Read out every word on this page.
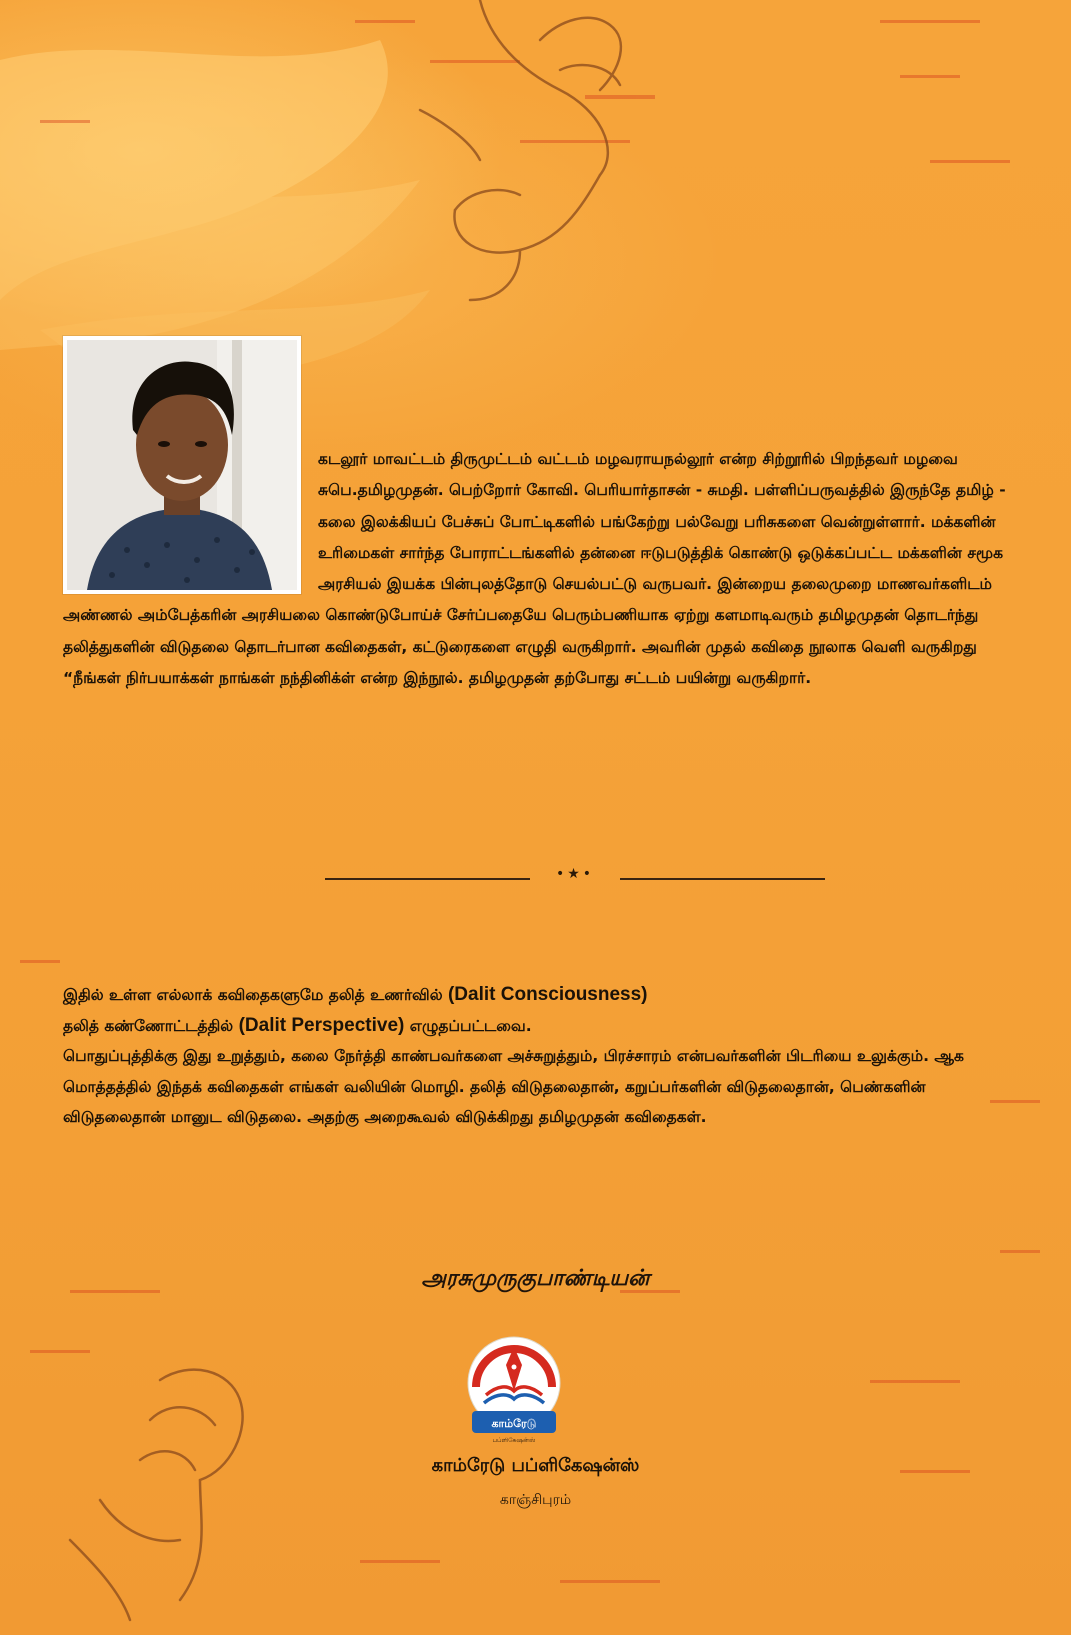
கடலூர் மாவட்டம் திருமுட்டம் வட்டம் மழவராயநல்லூர் என்ற சிற்றூரில் பிறந்தவர் மழவை சுபெ.தமிழமுதன். பெற்றோர் கோவி. பெரியார்தாசன் - சுமதி. பள்ளிப்பருவத்தில் இருந்தே தமிழ் - கலை இலக்கியப் பேச்சுப் போட்டிகளில் பங்கேற்று பல்வேறு பரிசுகளை வென்றுள்ளார். மக்களின் உரிமைகள் சார்ந்த போராட்டங்களில் தன்னை ஈடுபடுத்திக் கொண்டு ஒடுக்கப்பட்ட மக்களின் சமூக அரசியல் இயக்க பின்புலத்தோடு செயல்பட்டு வருபவர். இன்றைய தலைமுறை மாணவர்களிடம் அண்ணல் அம்பேத்கரின் அரசியலை கொண்டுபோய்ச் சேர்ப்பதையே பெரும்பணியாக ஏற்று களமாடிவரும் தமிழமுதன் தொடர்ந்து தலித்துகளின் விடுதலை தொடர்பான கவிதைகள், கட்டுரைகளை எழுதி வருகிறார். அவரின் முதல் கவிதை நூலாக வெளி வருகிறது “நீங்கள் நிர்பயாக்கள் நாங்கள் நந்தினிக்ள் என்ற இந்நூல். தமிழமுதன் தற்போது சட்டம் பயின்று வருகிறார்.

•★•

இதில் உள்ள எல்லாக் கவிதைகளுமே தலித் உணர்வில் (Dalit Consciousness)

தலித் கண்ணோட்டத்தில் (Dalit Perspective) எழுதப்பட்டவை.

பொதுப்புத்திக்கு இது உறுத்தும், கலை நேர்த்தி காண்பவர்களை அச்சுறுத்தும், பிரச்சாரம் என்பவர்களின் பிடரியை உலுக்கும். ஆக மொத்தத்தில் இந்தக் கவிதைகள் எங்கள் வலியின் மொழி. தலித் விடுதலைதான், கறுப்பர்களின் விடுதலைதான், பெண்களின் விடுதலைதான் மானுட விடுதலை. அதற்கு அறைகூவல் விடுக்கிறது தமிழமுதன் கவிதைகள்.

அரசுமுருகுபாண்டியன்
காம்ரேடு
பப்ளிகேஷன்ஸ்
காம்ரேடு பப்ளிகேஷன்ஸ்
காஞ்சிபுரம்
